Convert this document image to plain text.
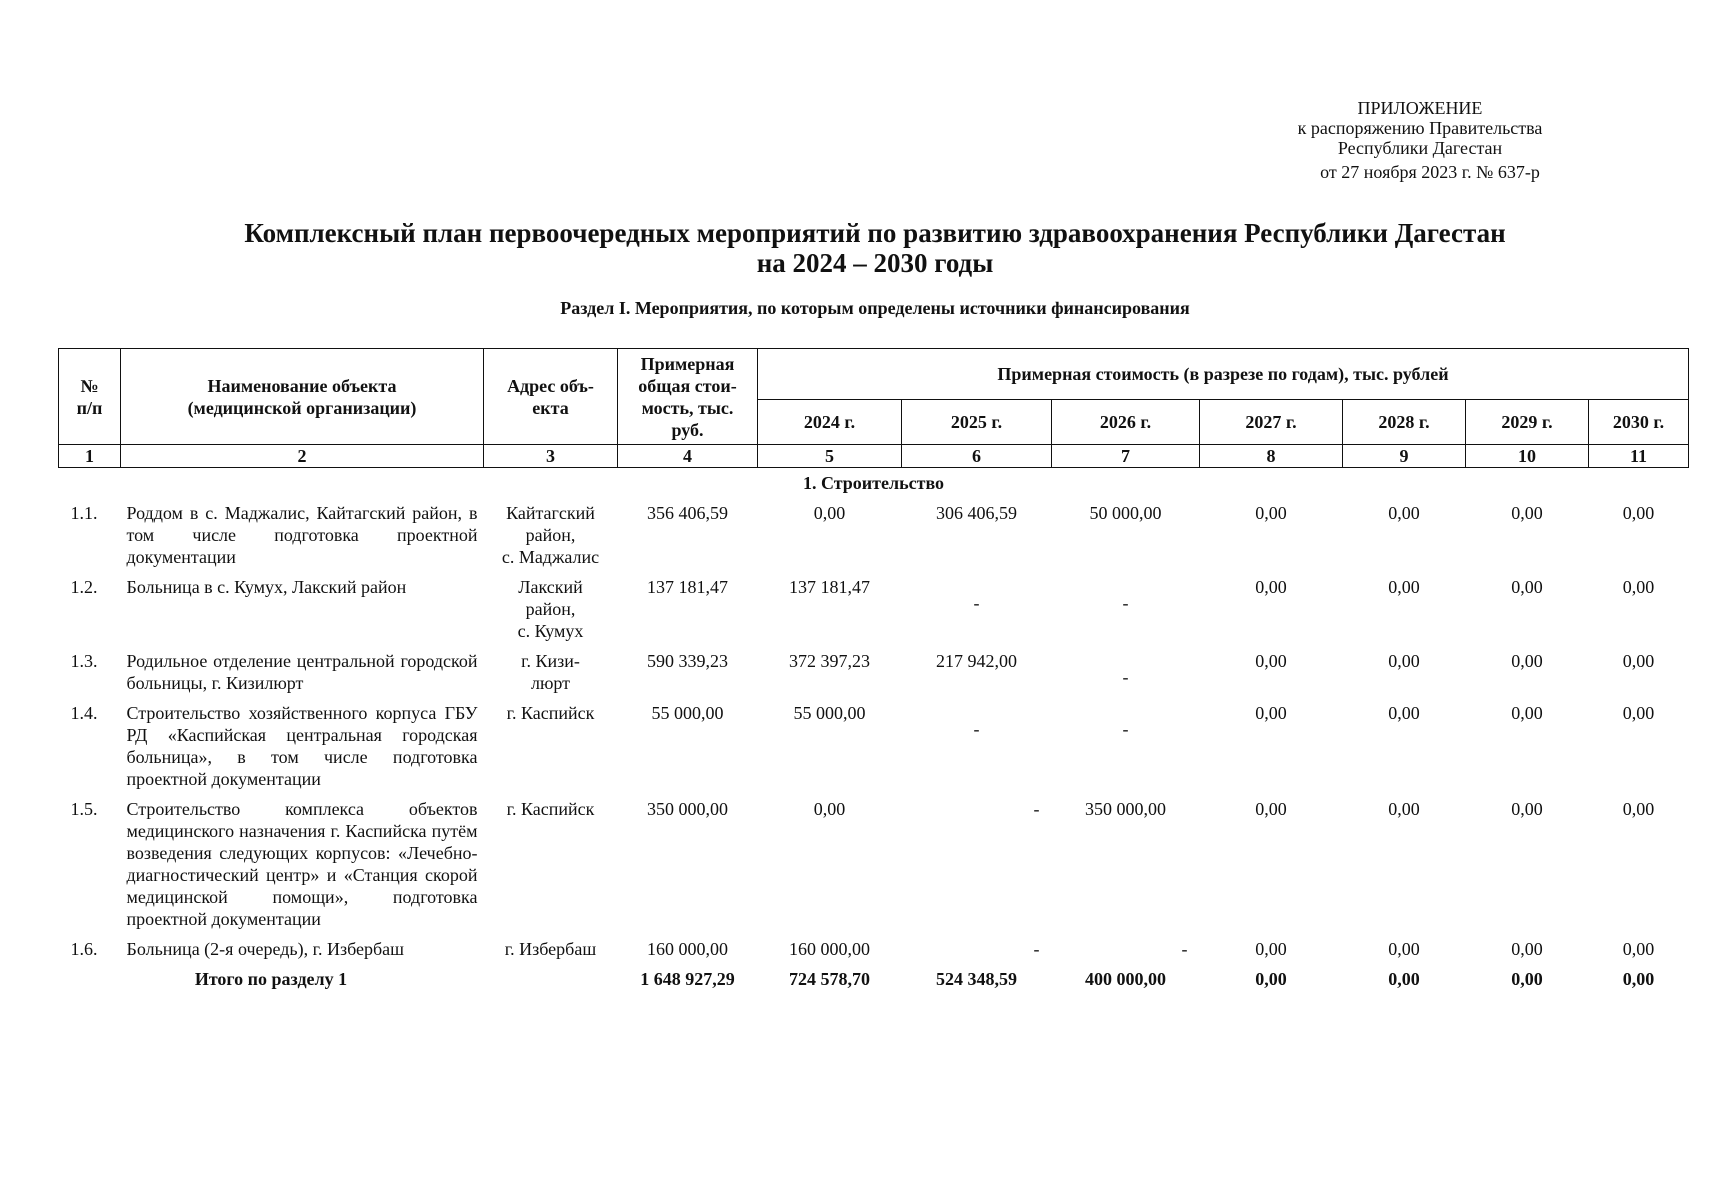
ПРИЛОЖЕНИЕ
к распоряжению Правительства
Республики Дагестан
от 27 ноября 2023 г. № 637-р
Комплексный план первоочередных мероприятий по развитию здравоохранения Республики Дагестан
на 2024 – 2030 годы
Раздел I. Мероприятия, по которым определены источники финансирования
№
п/п	Наименование объекта
(медицинской организации)	Адрес объ-
екта	Примерная
общая стои-
мость, тыс.
руб.	Примерная стоимость (в разрезе по годам), тыс. рублей						
				2024 г.	2025 г.	2026 г.	2027 г.	2028 г.	2029 г.	2030 г.
1	2	3	4	5	6	7	8	9	10	11
1. Строительство										
1.1.	Роддом в с. Маджалис, Кайтагский район, в том числе подготовка проектной документации	Кайтагский
район,
с. Маджалис	356 406,59	0,00	306 406,59	50 000,00	0,00	0,00	0,00	0,00
1.2.	Больница в с. Кумух, Лакский район	Лакский
район,
с. Кумух	137 181,47	137 181,47	-	-	0,00	0,00	0,00	0,00
1.3.	Родильное отделение центральной городской больницы, г. Кизилюрт	г. Кизи-
люрт	590 339,23	372 397,23	217 942,00	-	0,00	0,00	0,00	0,00
1.4.	Строительство хозяйственного корпуса ГБУ РД «Каспийская центральная городская больница», в том числе подготовка проектной документации	г. Каспийск	55 000,00	55 000,00	-	-	0,00	0,00	0,00	0,00
1.5.	Строительство комплекса объектов медицинского назначения г. Каспийска путём возведения следующих корпусов: «Лечебно-диагностический центр» и «Станция скорой медицинской помощи», подготовка проектной документации	г. Каспийск	350 000,00	0,00	-	350 000,00	0,00	0,00	0,00	0,00
1.6.	Больница (2-я очередь), г. Избербаш	г. Избербаш	160 000,00	160 000,00	-	-	0,00	0,00	0,00	0,00
Итого по разделу 1			1 648 927,29	724 578,70	524 348,59	400 000,00	0,00	0,00	0,00	0,00
